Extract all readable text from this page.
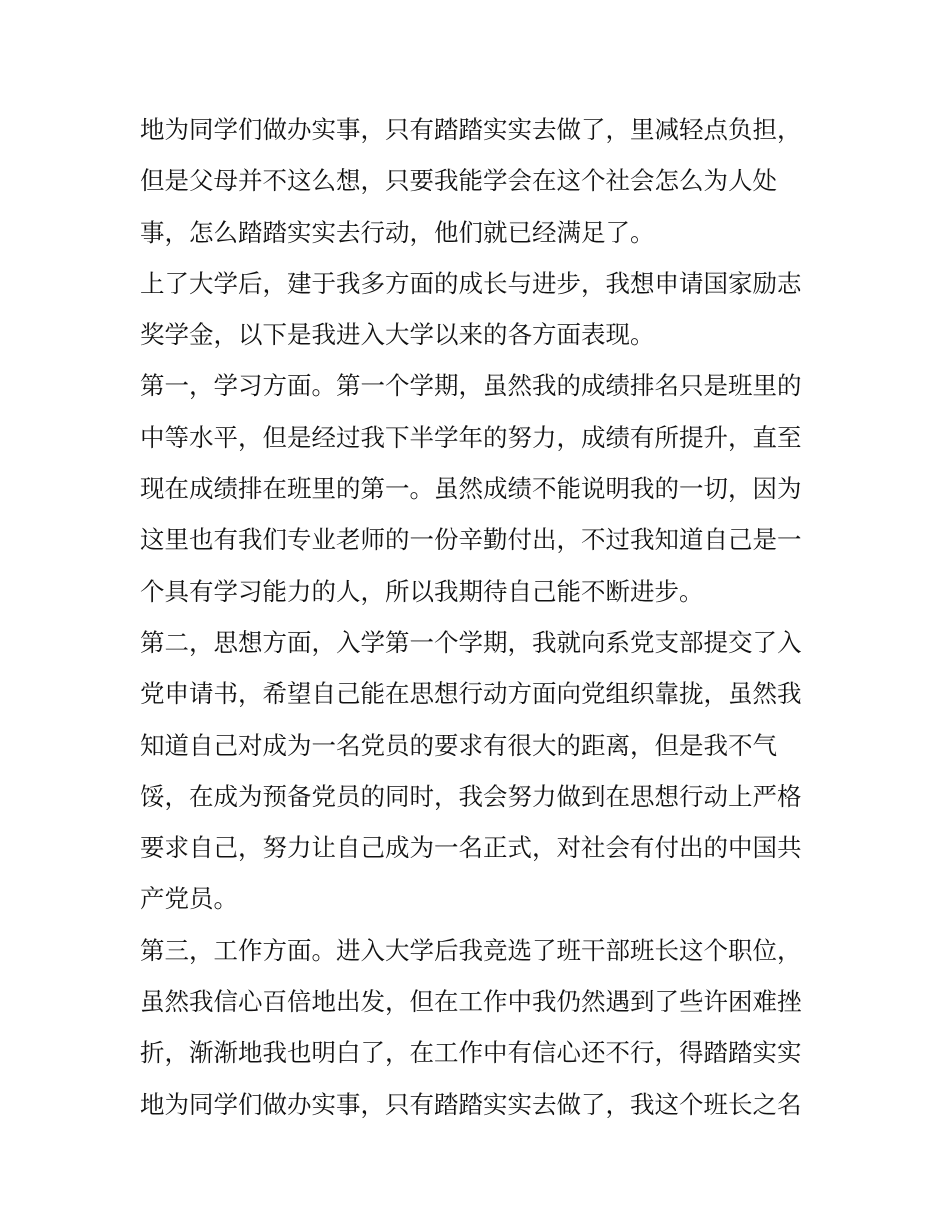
地为同学们做办实事，只有踏踏实实去做了，里减轻点负担，
但是父母并不这么想，只要我能学会在这个社会怎么为人处
事，怎么踏踏实实去行动，他们就已经满足了。
上了大学后，建于我多方面的成长与进步，我想申请国家励志
奖学金，以下是我进入大学以来的各方面表现。
第一，学习方面。第一个学期，虽然我的成绩排名只是班里的
中等水平，但是经过我下半学年的努力，成绩有所提升，直至
现在成绩排在班里的第一。虽然成绩不能说明我的一切，因为
这里也有我们专业老师的一份辛勤付出，不过我知道自己是一
个具有学习能力的人，所以我期待自己能不断进步。
第二，思想方面，入学第一个学期，我就向系党支部提交了入
党申请书，希望自己能在思想行动方面向党组织靠拢，虽然我
知道自己对成为一名党员的要求有很大的距离，但是我不气
馁，在成为预备党员的同时，我会努力做到在思想行动上严格
要求自己，努力让自己成为一名正式，对社会有付出的中国共
产党员。
第三，工作方面。进入大学后我竞选了班干部班长这个职位，
虽然我信心百倍地出发，但在工作中我仍然遇到了些许困难挫
折，渐渐地我也明白了，在工作中有信心还不行，得踏踏实实
地为同学们做办实事，只有踏踏实实去做了，我这个班长之名
